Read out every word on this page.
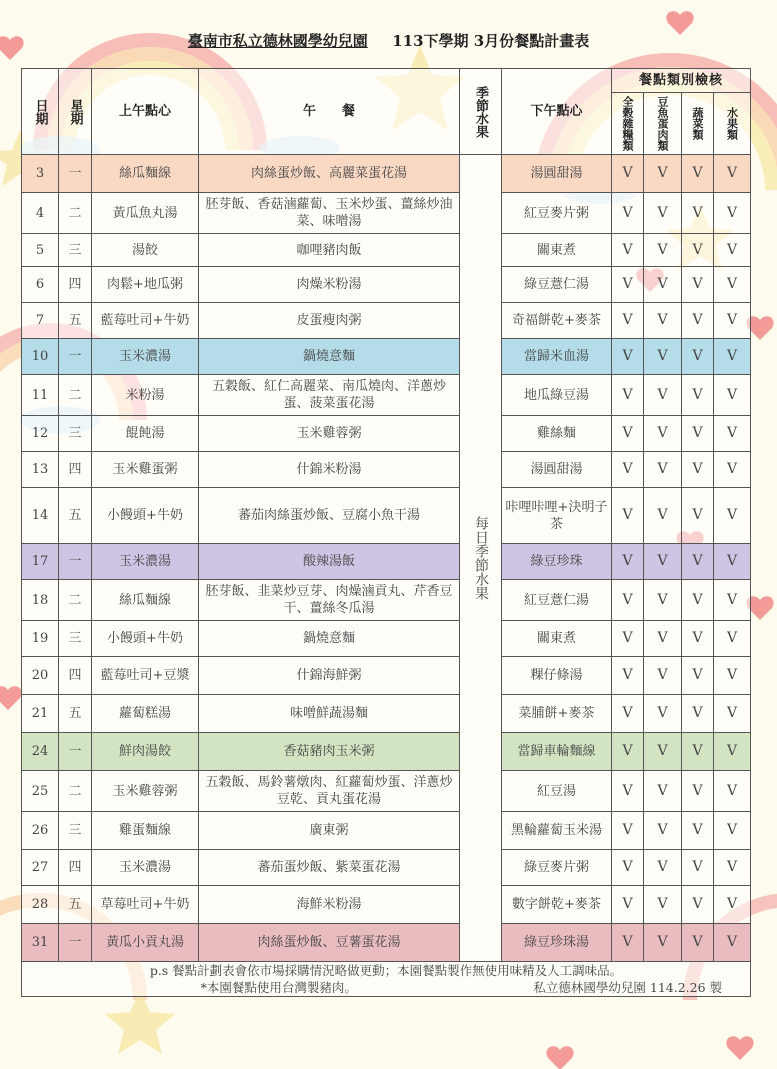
臺南市私立德林國學幼兒園 113下學期 3月份餐點計畫表
日期	星期	上午點心	午　　餐	季節水果	下午點心	餐點類別檢核			
						全穀雜糧類	豆魚蛋肉類	蔬菜類	水果類
3	一	絲瓜麵線	肉絲蛋炒飯、高麗菜蛋花湯	每日季節水果	湯圓甜湯	V	V	V	V
4	二	黃瓜魚丸湯	胚芽飯、香菇滷蘿蔔、玉米炒蛋、薑絲炒油菜、味噌湯		紅豆麥片粥	V	V	V	V
5	三	湯餃	咖哩豬肉飯		關東煮	V	V	V	V
6	四	肉鬆+地瓜粥	肉燥米粉湯		綠豆薏仁湯	V	V	V	V
7	五	藍莓吐司+牛奶	皮蛋瘦肉粥		奇福餅乾+麥茶	V	V	V	V
10	一	玉米濃湯	鍋燒意麵		當歸米血湯	V	V	V	V
11	二	米粉湯	五穀飯、紅仁高麗菜、南瓜燒肉、洋蔥炒蛋、菠菜蛋花湯		地瓜綠豆湯	V	V	V	V
12	三	餛飩湯	玉米雞蓉粥		雞絲麵	V	V	V	V
13	四	玉米雞蛋粥	什錦米粉湯		湯圓甜湯	V	V	V	V
14	五	小饅頭+牛奶	蕃茄肉絲蛋炒飯、豆腐小魚干湯		咔哩咔哩+決明子茶	V	V	V	V
17	一	玉米濃湯	酸辣湯飯		綠豆珍珠	V	V	V	V
18	二	絲瓜麵線	胚芽飯、韭菜炒豆芽、肉燥滷貢丸、芹香豆干、薑絲冬瓜湯		紅豆薏仁湯	V	V	V	V
19	三	小饅頭+牛奶	鍋燒意麵		關東煮	V	V	V	V
20	四	藍莓吐司+豆漿	什錦海鮮粥		粿仔條湯	V	V	V	V
21	五	蘿蔔糕湯	味噌鮮蔬湯麵		菜脯餅+麥茶	V	V	V	V
24	一	鮮肉湯餃	香菇豬肉玉米粥		當歸車輪麵線	V	V	V	V
25	二	玉米雞蓉粥	五穀飯、馬鈴薯燉肉、紅蘿蔔炒蛋、洋蔥炒豆乾、貢丸蛋花湯		紅豆湯	V	V	V	V
26	三	雞蛋麵線	廣東粥		黑輪蘿蔔玉米湯	V	V	V	V
27	四	玉米濃湯	蕃茄蛋炒飯、紫菜蛋花湯		綠豆麥片粥	V	V	V	V
28	五	草莓吐司+牛奶	海鮮米粉湯		數字餅乾+麥茶	V	V	V	V
31	一	黃瓜小貢丸湯	肉絲蛋炒飯、豆薯蛋花湯		綠豆珍珠湯	V	V	V	V

p.s 餐點計劃表會依市場採購情況略做更動；本園餐點製作無使用味精及人工調味品。
*本園餐點使用台灣製豬肉。 私立德林國學幼兒園 114.2.26 製									
